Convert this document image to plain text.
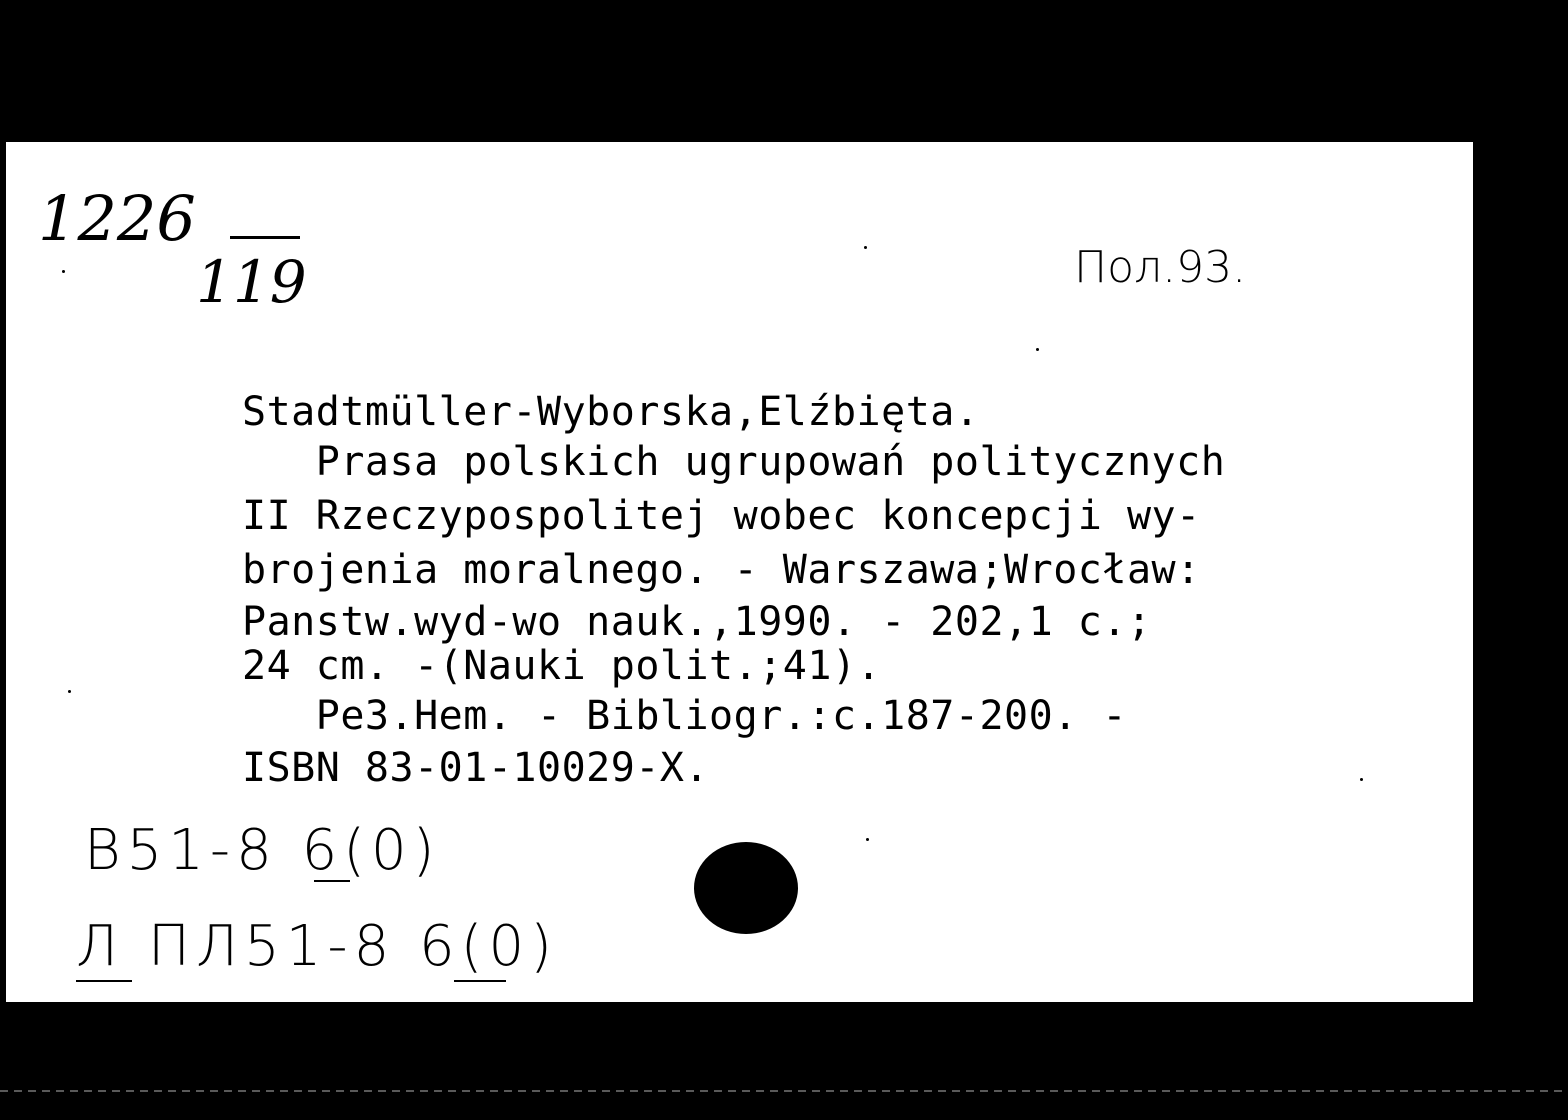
1226
119	Пол.93.
Stadtmüller-Wyborska,Elźbięta.
Prasa polskich ugrupowań politycznych
II Rzeczypospolitej wobec koncepcji wy-
brojenia moralnego. - Warszawa;Wrocław:
Panstw.wyd-wo nauk.,1990. - 202,1 c.;
24 cm. -(Nauki polit.;41).
Pe3.Hem. - Bibliogr.:c.187-200. -
ISBN 83-01-10029-X.
B51-8 6(0)
Л ПЛ51-8 6(0)
